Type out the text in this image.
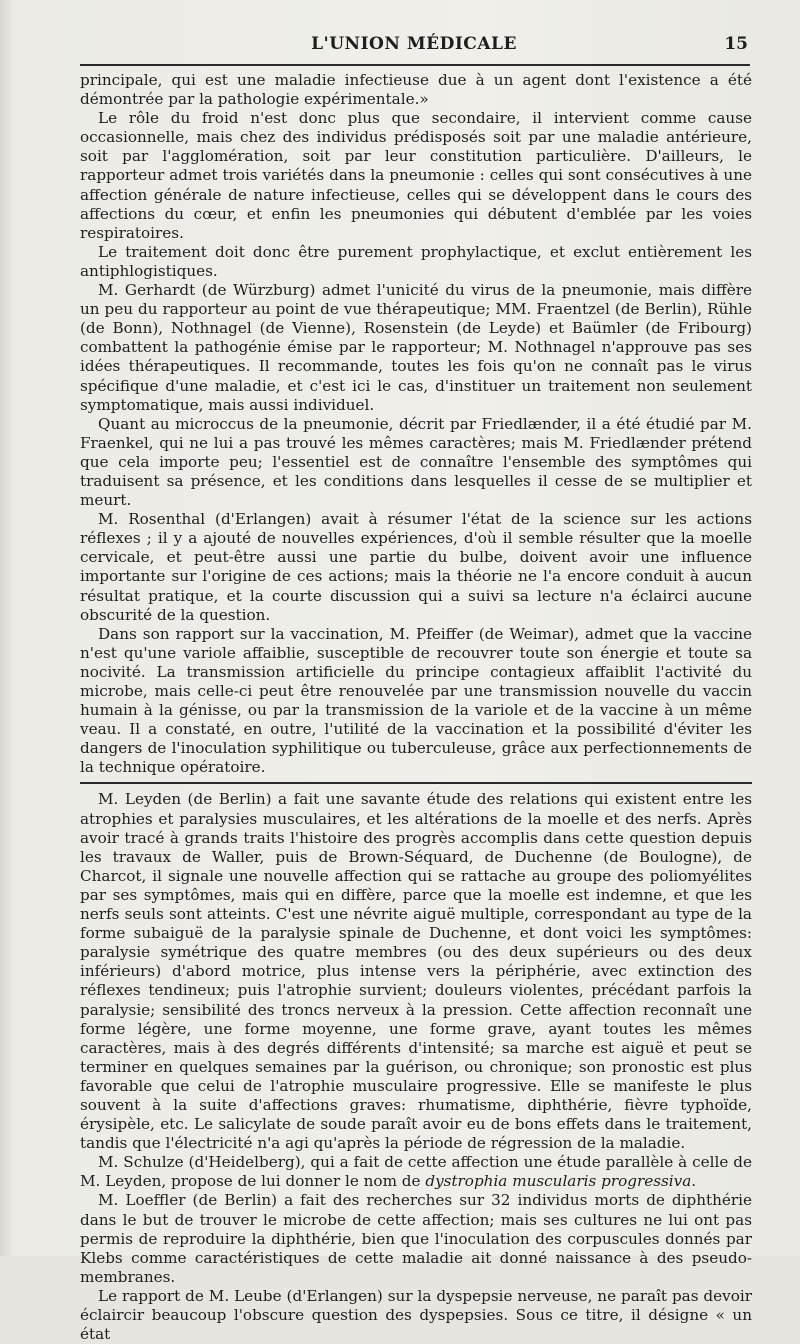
L'UNION MÉDICALE	15

principale, qui est une maladie infectieuse due à un agent dont l'existence a été démontrée par la pathologie expérimentale.»

Le rôle du froid n'est donc plus que secondaire, il intervient comme cause occasionnelle, mais chez des individus prédisposés soit par une maladie antérieure, soit par l'agglomération, soit par leur constitution particulière. D'ailleurs, le rapporteur admet trois variétés dans la pneumonie : celles qui sont consécutives à une affection générale de nature infectieuse, celles qui se développent dans le cours des affections du cœur, et enfin les pneumonies qui débutent d'emblée par les voies respiratoires.

Le traitement doit donc être purement prophylactique, et exclut entièrement les antiphlogistiques.

M. Gerhardt (de Würzburg) admet l'unicité du virus de la pneumonie, mais diffère un peu du rapporteur au point de vue thérapeutique; MM. Fraentzel (de Berlin), Rühle (de Bonn), Nothnagel (de Vienne), Rosenstein (de Leyde) et Baümler (de Fribourg) combattent la pathogénie émise par le rapporteur; M. Nothnagel n'approuve pas ses idées thérapeutiques. Il recommande, toutes les fois qu'on ne connaît pas le virus spécifique d'une maladie, et c'est ici le cas, d'instituer un traitement non seulement symptomatique, mais aussi individuel.

Quant au microccus de la pneumonie, décrit par Friedlænder, il a été étudié par M. Fraenkel, qui ne lui a pas trouvé les mêmes caractères; mais M. Friedlænder prétend que cela importe peu; l'essentiel est de connaître l'ensemble des symptômes qui traduisent sa présence, et les conditions dans lesquelles il cesse de se multiplier et meurt.

M. Rosenthal (d'Erlangen) avait à résumer l'état de la science sur les actions réflexes ; il y a ajouté de nouvelles expériences, d'où il semble résulter que la moelle cervicale, et peut-être aussi une partie du bulbe, doivent avoir une influence importante sur l'origine de ces actions; mais la théorie ne l'a encore conduit à aucun résultat pratique, et la courte discussion qui a suivi sa lecture n'a éclairci aucune obscurité de la question.

Dans son rapport sur la vaccination, M. Pfeiffer (de Weimar), admet que la vaccine n'est qu'une variole affaiblie, susceptible de recouvrer toute son énergie et toute sa nocivité. La transmission artificielle du principe contagieux affaiblit l'activité du microbe, mais celle-ci peut être renouvelée par une transmission nouvelle du vaccin humain à la génisse, ou par la transmission de la variole et de la vaccine à un même veau. Il a constaté, en outre, l'utilité de la vaccination et la possibilité d'éviter les dangers de l'inoculation syphilitique ou tuberculeuse, grâce aux perfectionnements de la technique opératoire.

M. Leyden (de Berlin) a fait une savante étude des relations qui existent entre les atrophies et paralysies musculaires, et les altérations de la moelle et des nerfs. Après avoir tracé à grands traits l'histoire des progrès accomplis dans cette question depuis les travaux de Waller, puis de Brown-Séquard, de Duchenne (de Boulogne), de Charcot, il signale une nouvelle affection qui se rattache au groupe des poliomyélites par ses symptômes, mais qui en diffère, parce que la moelle est indemne, et que les nerfs seuls sont atteints. C'est une névrite aiguë multiple, correspondant au type de la forme subaiguë de la paralysie spinale de Duchenne, et dont voici les symptômes: paralysie symétrique des quatre membres (ou des deux supérieurs ou des deux inférieurs) d'abord motrice, plus intense vers la périphérie, avec extinction des réflexes tendineux; puis l'atrophie survient; douleurs violentes, précédant parfois la paralysie; sensibilité des troncs nerveux à la pression. Cette affection reconnaît une forme légère, une forme moyenne, une forme grave, ayant toutes les mêmes caractères, mais à des degrés différents d'intensité; sa marche est aiguë et peut se terminer en quelques semaines par la guérison, ou chronique; son pronostic est plus favorable que celui de l'atrophie musculaire progressive. Elle se manifeste le plus souvent à la suite d'affections graves: rhumatisme, diphthérie, fièvre typhoïde, érysipèle, etc. Le salicylate de soude paraît avoir eu de bons effets dans le traitement, tandis que l'électricité n'a agi qu'après la période de régression de la maladie.

M. Schulze (d'Heidelberg), qui a fait de cette affection une étude parallèle à celle de M. Leyden, propose de lui donner le nom de dystrophia muscularis progressiva.

M. Loeffler (de Berlin) a fait des recherches sur 32 individus morts de diphthérie dans le but de trouver le microbe de cette affection; mais ses cultures ne lui ont pas permis de reproduire la diphthérie, bien que l'inoculation des corpuscules donnés par Klebs comme caractéristiques de cette maladie ait donné naissance à des pseudo-membranes.

Le rapport de M. Leube (d'Erlangen) sur la dyspepsie nerveuse, ne paraît pas devoir éclaircir beaucoup l'obscure question des dyspepsies. Sous ce titre, il désigne « un état
